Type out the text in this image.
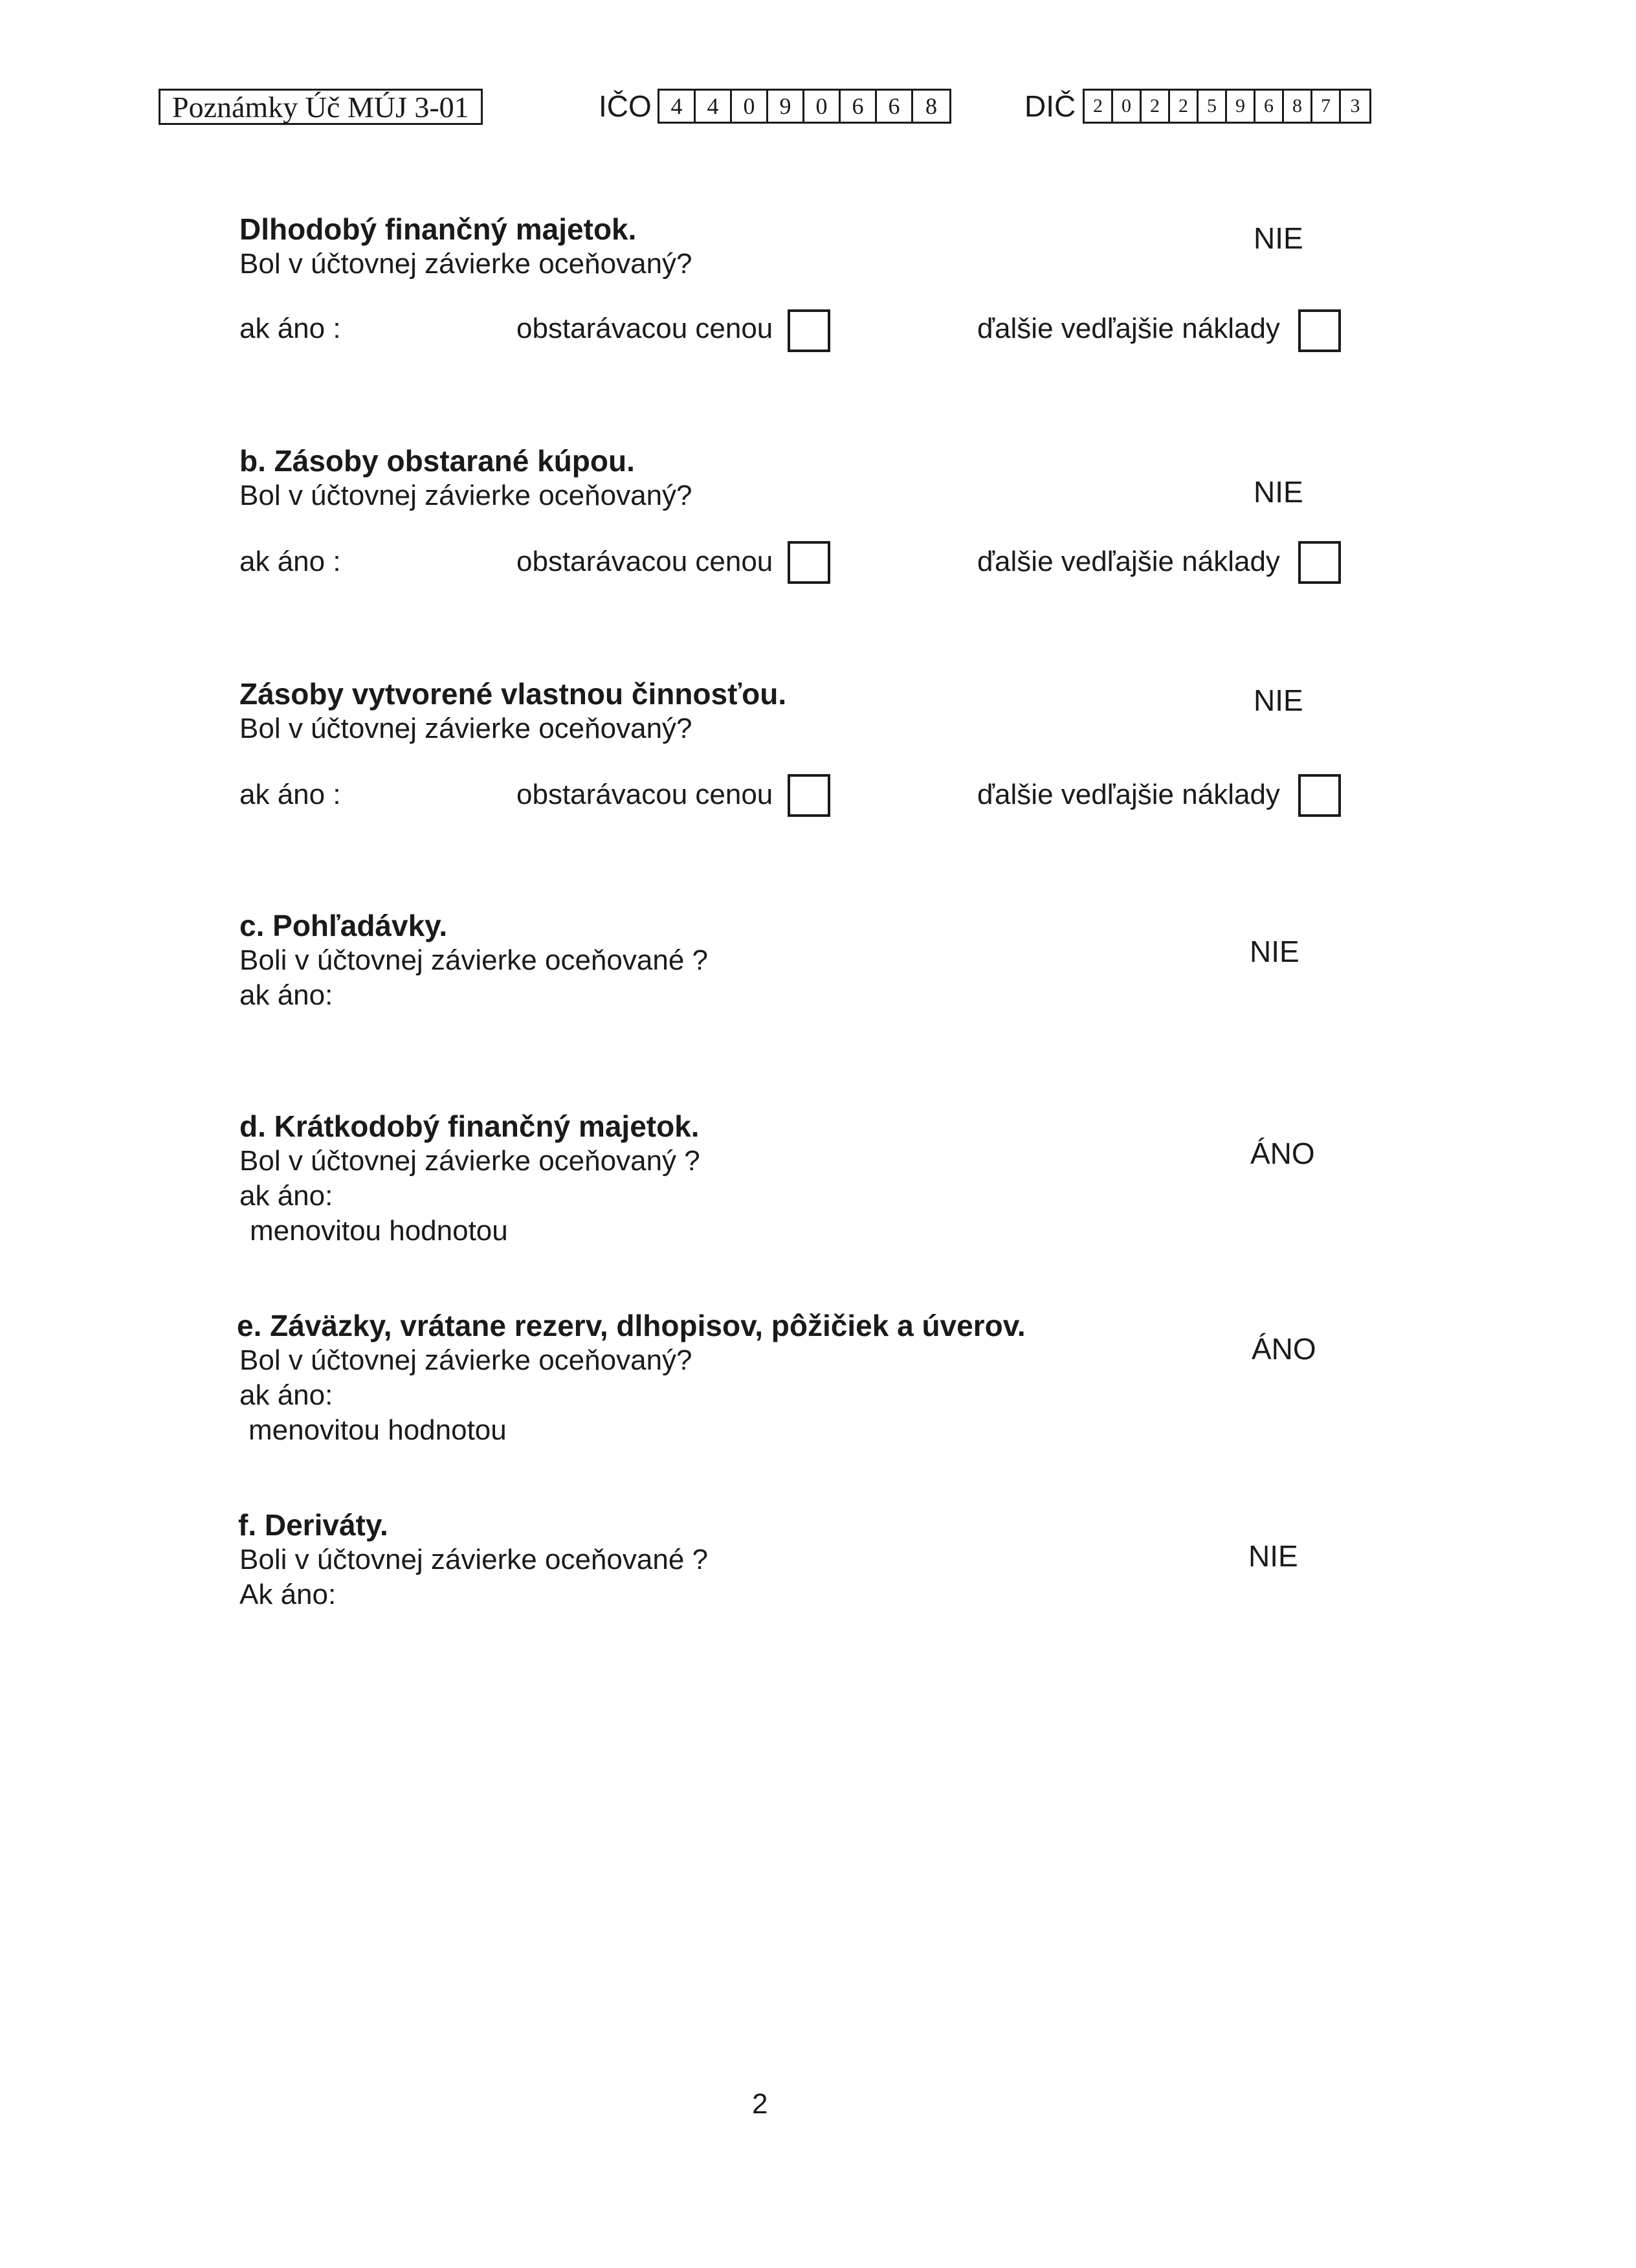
Poznámky Úč MÚJ 3-01	IČO 4	4	0	9	0	6	6	8	DIČ 2 0 2 2 5 9 6 8 7	3
Dlhodobý finančný majetok.
Bol v účtovnej závierke oceňovaný?
NIE
ak áno :	obstarávacou cenou	ďalšie vedľajšie náklady
b. Zásoby obstarané kúpou.
Bol v účtovnej závierke oceňovaný?	NIE
ak áno :	obstarávacou cenou	ďalšie vedľajšie náklady
Zásoby vytvorené vlastnou činnosťou.
Bol v účtovnej závierke oceňovaný?
NIE
ak áno :	obstarávacou cenou	ďalšie vedľajšie náklady
c. Pohľadávky.
Boli v účtovnej závierke oceňované ?
ak áno:
NIE
d. Krátkodobý finančný majetok.
Bol v účtovnej závierke oceňovaný ?
ak áno:
menovitou hodnotou
ÁNO
e. Záväzky, vrátane rezerv, dlhopisov, pôžičiek a úverov.
Bol v účtovnej závierke oceňovaný?
ak áno:
menovitou hodnotou
ÁNO
f. Deriváty.
Boli v účtovnej závierke oceňované ?
Ak áno:
NIE
2
